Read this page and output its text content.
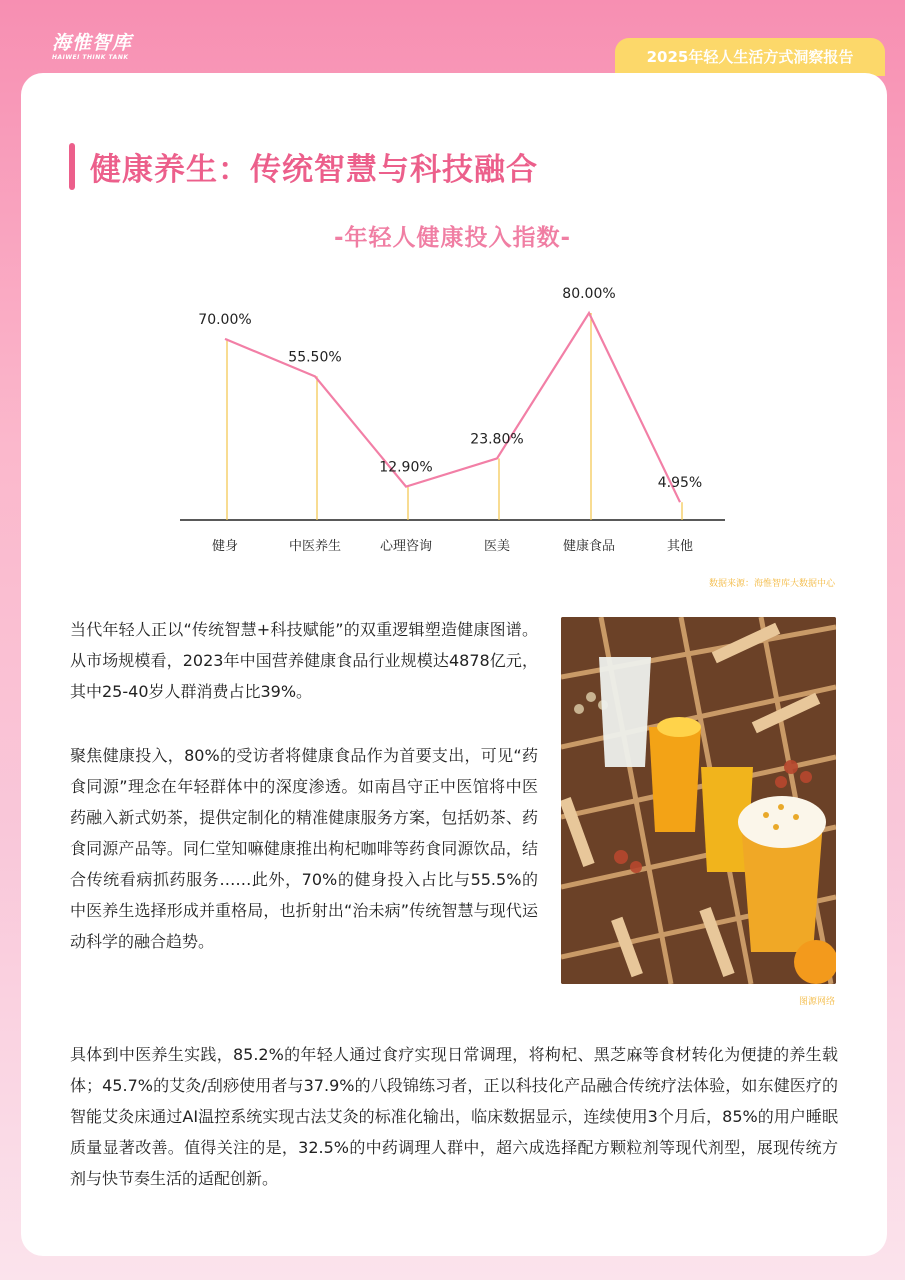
海惟智库
HAIWEI THINK TANK	2025年轻人生活方式洞察报告
健康养生：传统智慧与科技融合
-年轻人健康投入指数-
70.00%
55.50%
12.90%
23.80%
80.00%
4.95%
健身	中医养生	心理咨询	医美	健康食品	其他
数据来源：海惟智库大数据中心

当代年轻人正以“传统智慧+科技赋能”的双重逻辑塑造健康图谱。从市场规模看，2023年中国营养健康食品行业规模达4878亿元，其中25-40岁人群消费占比39%。

聚焦健康投入，80%的受访者将健康食品作为首要支出，可见“药食同源”理念在年轻群体中的深度渗透。如南昌守正中医馆将中医药融入新式奶茶，提供定制化的精准健康服务方案，包括奶茶、药食同源产品等。同仁堂知嘛健康推出枸杞咖啡等药食同源饮品，结合传统看病抓药服务……此外，70%的健身投入占比与55.5%的中医养生选择形成并重格局，也折射出“治未病”传统智慧与现代运动科学的融合趋势。

图源网络

具体到中医养生实践，85.2%的年轻人通过食疗实现日常调理，将枸杞、黑芝麻等食材转化为便捷的养生载体；45.7%的艾灸/刮痧使用者与37.9%的八段锦练习者，正以科技化产品融合传统疗法体验，如东健医疗的智能艾灸床通过AI温控系统实现古法艾灸的标准化输出，临床数据显示，连续使用3个月后，85%的用户睡眠质量显著改善。值得关注的是，32.5%的中药调理人群中，超六成选择配方颗粒剂等现代剂型，展现传统方剂与快节奏生活的适配创新。
